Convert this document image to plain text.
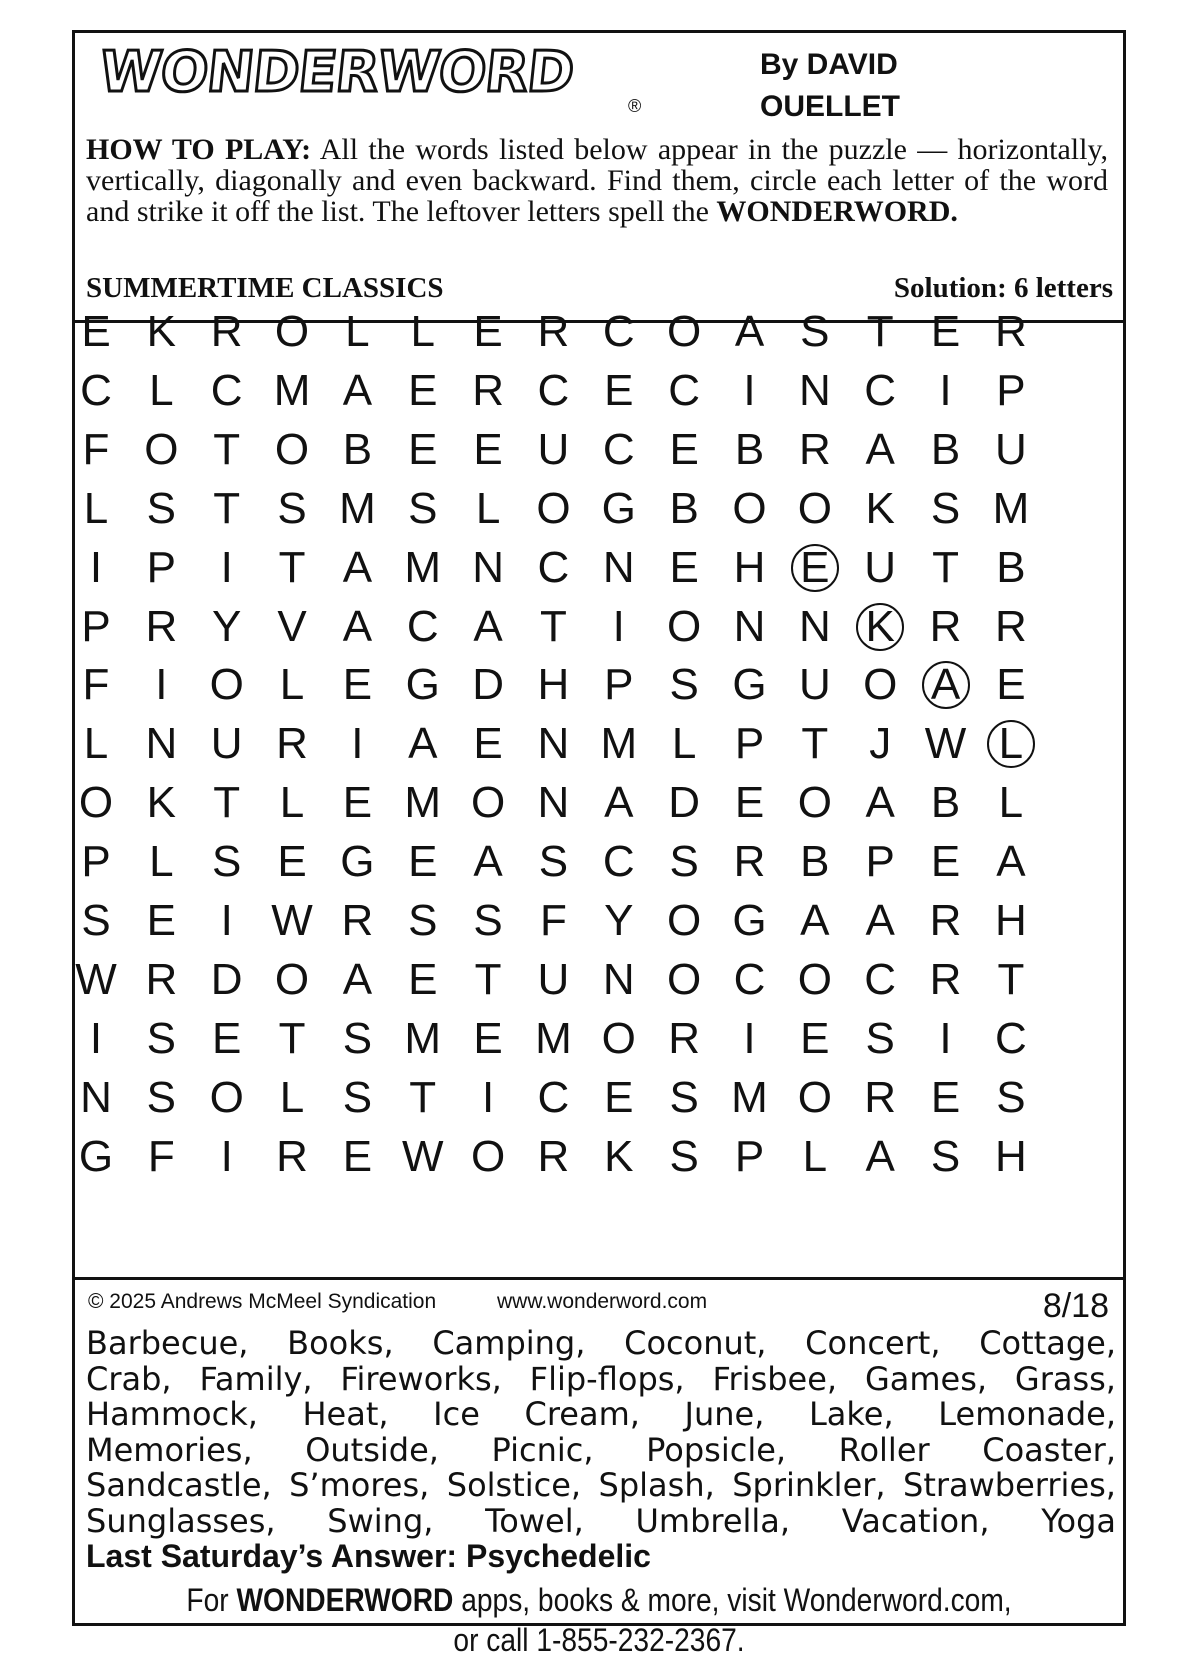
WONDERWORD
®
By DAVID
OUELLET
HOW TO PLAY: All the words listed below appear in the puzzle — horizontally, vertically, diagonally and even backward. Find them, circle each letter of the word and strike it off the list. The leftover letters spell the WONDERWORD.
SUMMERTIME CLASSICS	Solution: 6 letters
E K R O L L E R C O A S T E R
C L C M A E R C E C I N C I	P
F O T O B E E U C E B R A B U
L S T S M S L O G B O O K S M
I	P	I	T A M N C N E H E U T B
P R Y V A C A T	I O N N K R R
F	I O L E G D H P S G U O A E
L N U R I	A E N M L P T J W L
O K T L E M O N A D E O A B L
P L S E G E A S C S R B P E A
S E	I W R S S F Y O G A A R H
W R D O A E T U N O C O C R T
I	S E T S M E M O R I	E S	I C
N S O L S T	I C E S M O R E S
G F	I R E W O R K S P L A S H
© 2025 Andrews McMeel Syndication	www.wonderword.com	8/18
Barbecue, Books, Camping, Coconut, Concert, Cottage,
Crab, Family, Fireworks, Flip-flops, Frisbee, Games, Grass,
Hammock, Heat, Ice Cream, June, Lake, Lemonade,
Memories, Outside, Picnic, Popsicle, Roller Coaster,
Sandcastle, S’mores, Solstice, Splash, Sprinkler, Strawberries,
Sunglasses, Swing, Towel, Umbrella, Vacation, Yoga
Last Saturday’s Answer: Psychedelic
For WONDERWORD apps, books & more, visit Wonderword.com,
or call 1-855-232-2367.
